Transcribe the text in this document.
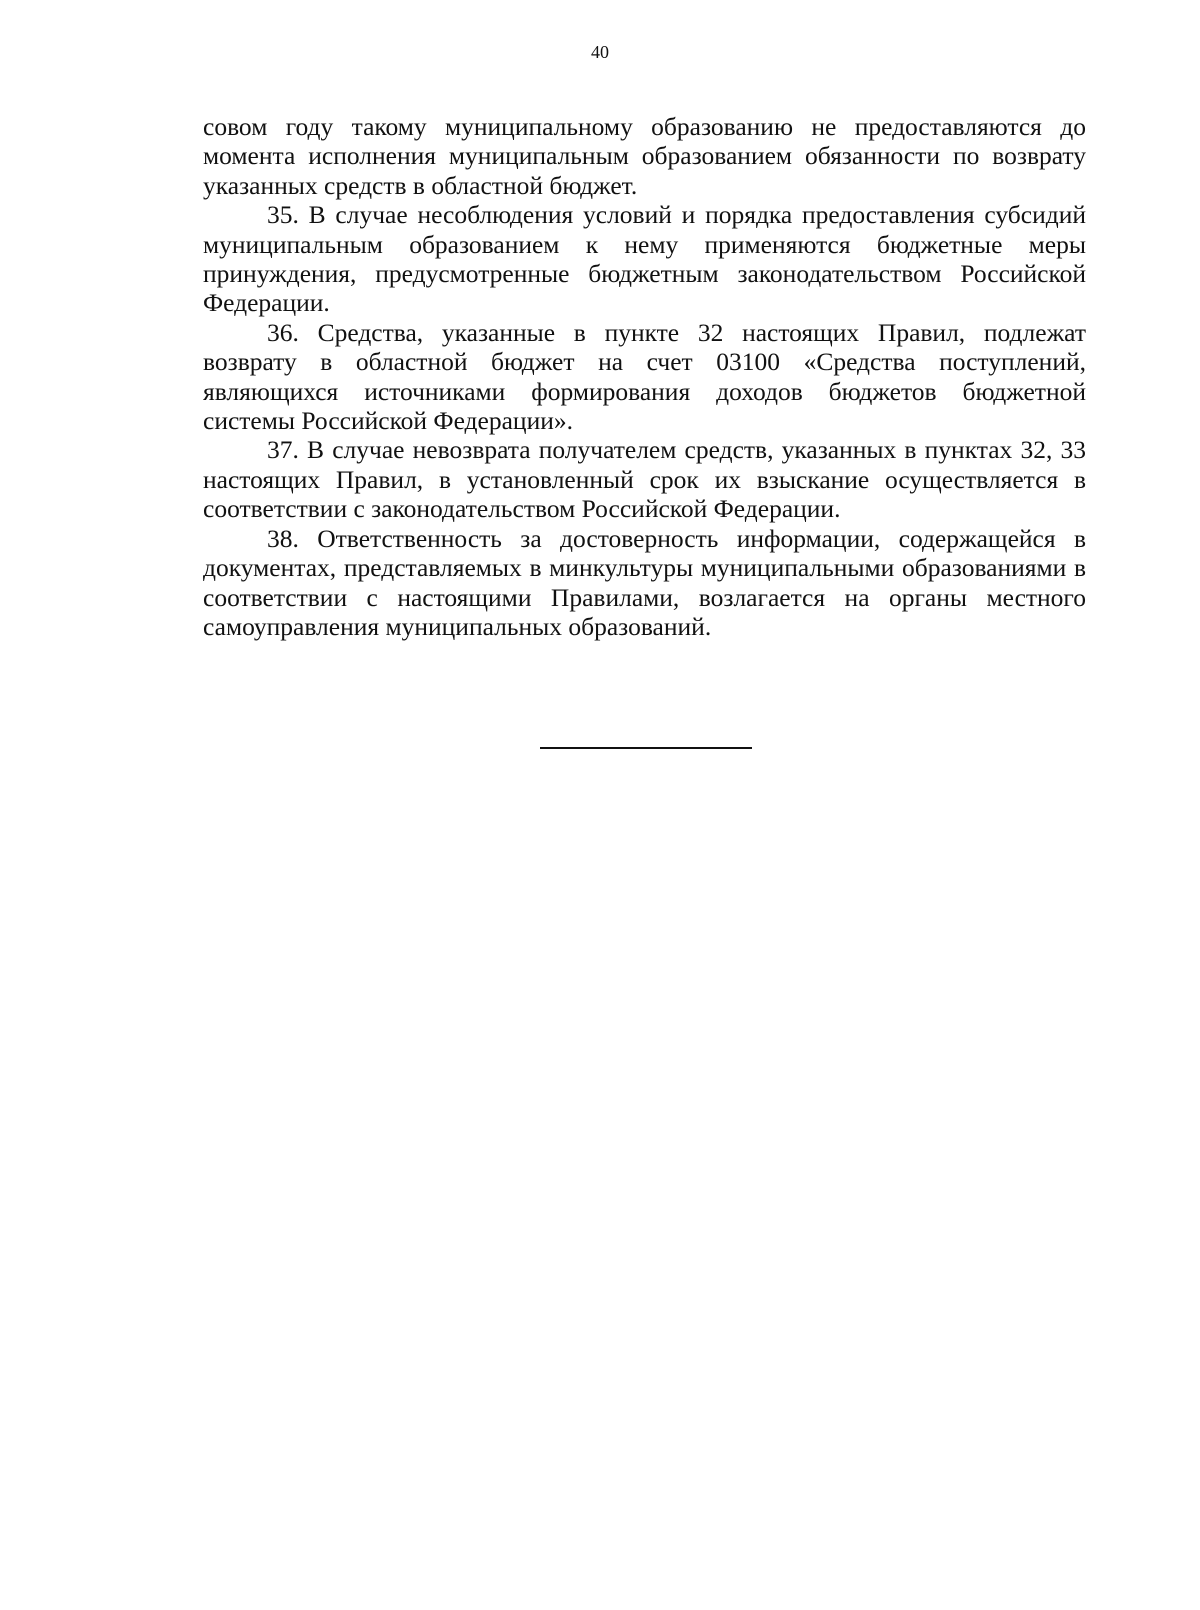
40

совом году такому муниципальному образованию не предоставляются до момента исполнения муниципальным образованием обязанности по возврату указанных средств в областной бюджет.

35. В случае несоблюдения условий и порядка предоставления субсидий муниципальным образованием к нему применяются бюджетные меры принуждения, предусмотренные бюджетным законодательством Российской Федерации.

36. Средства, указанные в пункте 32 настоящих Правил, подлежат возврату в областной бюджет на счет 03100 «Средства поступлений, являющихся источниками формирования доходов бюджетов бюджетной системы Российской Федерации».

37. В случае невозврата получателем средств, указанных в пунктах 32, 33 настоящих Правил, в установленный срок их взыскание осуществляется в соответствии с законодательством Российской Федерации.

38. Ответственность за достоверность информации, содержащейся в документах, представляемых в минкультуры муниципальными образованиями в соответствии с настоящими Правилами, возлагается на органы местного самоуправления муниципальных образований.
